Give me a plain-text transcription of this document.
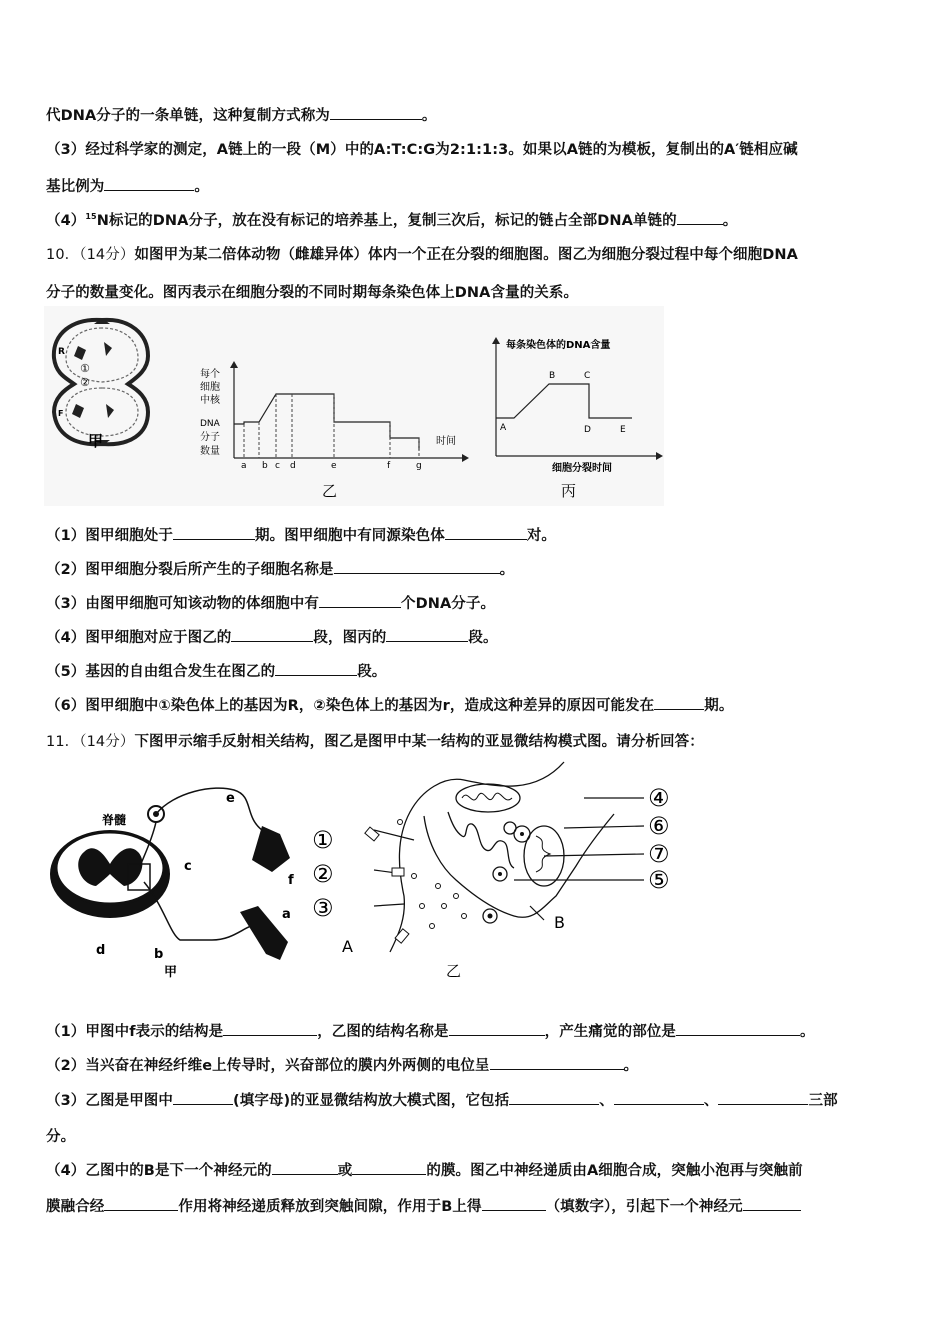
代DNA分子的一条单链，这种复制方式称为	。
（3）经过科学家的测定，A链上的一段（M）中的A:T:C:G为2:1:1:3。如果以A链的为模板，复制出的A′链相应碱
基比例为	。
$(4)^{15}N$标记的DNA分子，放在没有标记的培养基上，复制三次后，标记的链占全部DNA单链的	。
10．（14分）如图甲为某二倍体动物（雌雄异体）体内一个正在分裂的细胞图。图乙为细胞分裂过程中每个细胞DNA
分子的数量变化。图丙表示在细胞分裂的不同时期每条染色体上DNA含量的关系。
R
①
②
F
甲
每个
细胞
中核
DNA
分子
数量
a b c d	e	f	g
时间
乙
每条染色体的DNA含量
A
B	C
D	E
细胞分裂时间
丙
（1）图甲细胞处于	期。图甲细胞中有同源染色体	对。
（2）图甲细胞分裂后所产生的子细胞名称是	。
（3）由图甲细胞可知该动物的体细胞中有	个DNA分子。
（4）图甲细胞对应于图乙的	段，图丙的	段。
（5）基因的自由组合发生在图乙的	段。
（6）图甲细胞中①染色体上的基因为R，②染色体上的基因为r，造成这种差异的原因可能发在	期。
11．（14分）下图甲示缩手反射相关结构，图乙是图甲中某一结构的亚显微结构模式图。请分析回答：
脊髓
e
c
f
a
d	b
甲
①
②
③
④
⑥
⑦
⑤
B
A
乙
（1）甲图中f表示的结构是	，乙图的结构名称是	，产生痛觉的部位是	。
（2）当兴奋在神经纤维e上传导时，兴奋部位的膜内外两侧的电位呈	。
（3）乙图是甲图中	(填字母)的亚显微结构放大模式图，它包括	、	、	三部
分。
（4）乙图中的B是下一个神经元的	或	的膜。图乙中神经递质由A细胞合成，突触小泡再与突触前
膜融合经	作用将神经递质释放到突触间隙，作用于B上得	（填数字），引起下一个神经元
